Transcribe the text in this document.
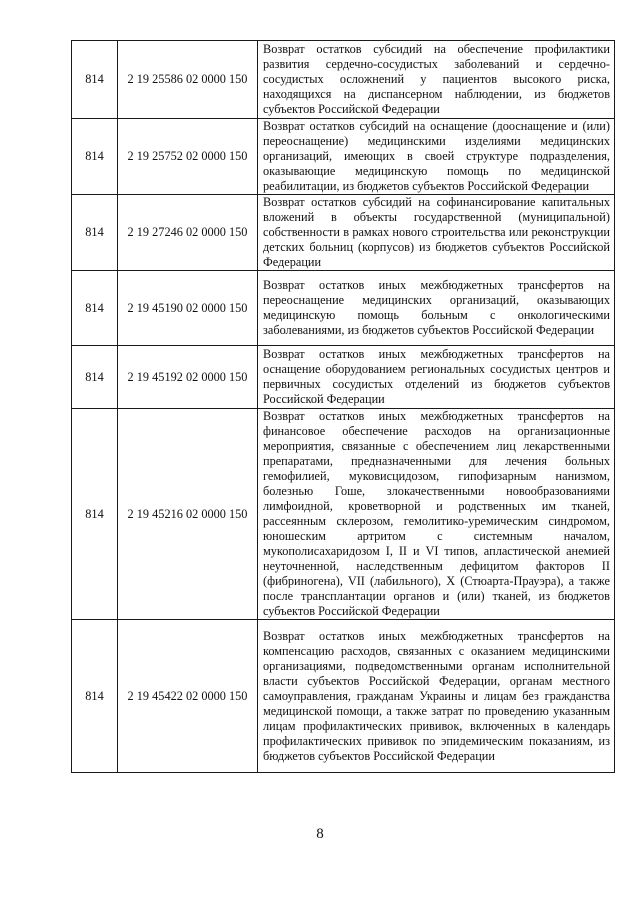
814	2 19 25586 02 0000 150	Возврат остатков субсидий на обеспечение профилактики развития сердечно-сосудистых заболеваний и сердечно-сосудистых осложнений у пациентов высокого риска, находящихся на диспансерном наблюдении, из бюджетов субъектов Российской Федерации
814	2 19 25752 02 0000 150	Возврат остатков субсидий на оснащение (дооснащение и (или) переоснащение) медицинскими изделиями медицинских организаций, имеющих в своей структуре подразделения, оказывающие медицинскую помощь по медицинской реабилитации, из бюджетов субъектов Российской Федерации
814	2 19 27246 02 0000 150	Возврат остатков субсидий на софинансирование капитальных вложений в объекты государственной (муниципальной) собственности в рамках нового строительства или реконструкции детских больниц (корпусов) из бюджетов субъектов Российской Федерации
814	2 19 45190 02 0000 150	Возврат остатков иных межбюджетных трансфертов на переоснащение медицинских организаций, оказывающих медицинскую помощь больным с онкологическими заболеваниями, из бюджетов субъектов Российской Федерации
814	2 19 45192 02 0000 150	Возврат остатков иных межбюджетных трансфертов на оснащение оборудованием региональных сосудистых центров и первичных сосудистых отделений из бюджетов субъектов Российской Федерации
814	2 19 45216 02 0000 150	Возврат остатков иных межбюджетных трансфертов на финансовое обеспечение расходов на организационные мероприятия, связанные с обеспечением лиц лекарственными препаратами, предназначенными для лечения больных гемофилией, муковисцидозом, гипофизарным нанизмом, болезнью Гоше, злокачественными новообразованиями лимфоидной, кроветворной и родственных им тканей, рассеянным склерозом, гемолитико-уремическим синдромом, юношеским артритом с системным началом, мукополисахаридозом I, II и VI типов, апластической анемией неуточненной, наследственным дефицитом факторов II (фибриногена), VII (лабильного), X (Стюарта-Прауэра), а также после трансплантации органов и (или) тканей, из бюджетов субъектов Российской Федерации
814	2 19 45422 02 0000 150	Возврат остатков иных межбюджетных трансфертов на компенсацию расходов, связанных с оказанием медицинскими организациями, подведомственными органам исполнительной власти субъектов Российской Федерации, органам местного самоуправления, гражданам Украины и лицам без гражданства медицинской помощи, а также затрат по проведению указанным лицам профилактических прививок, включенных в календарь профилактических прививок по эпидемическим показаниям, из бюджетов субъектов Российской Федерации
8
